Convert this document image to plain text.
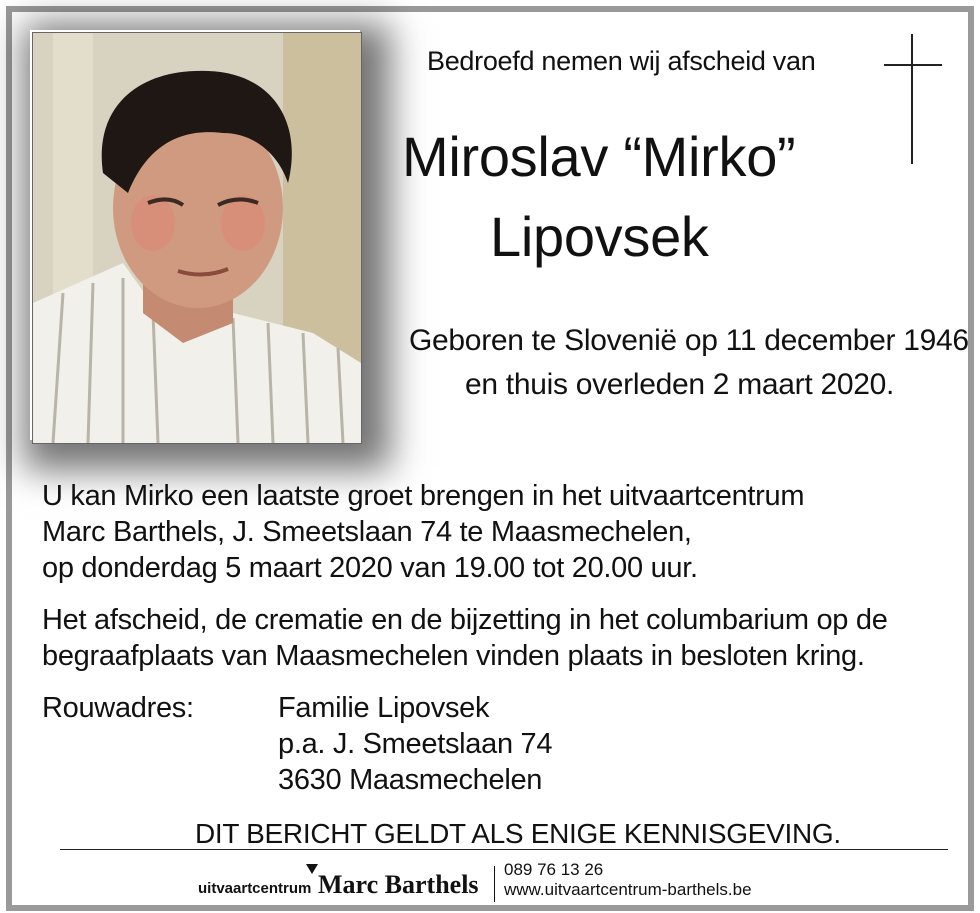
Bedroefd nemen wij afscheid van
Miroslav “Mirko”
Lipovsek
Geboren te Slovenië op 11 december 1946
en thuis overleden 2 maart 2020.
U kan Mirko een laatste groet brengen in het uitvaartcentrum
Marc Barthels, J. Smeetslaan 74 te Maasmechelen,
op donderdag 5 maart 2020 van 19.00 tot 20.00 uur.
Het afscheid, de crematie en de bijzetting in het columbarium op de
begraafplaats van Maasmechelen vinden plaats in besloten kring.
Rouwadres:	Familie Lipovsek
p.a. J. Smeetslaan 74
3630 Maasmechelen
DIT BERICHT GELDT ALS ENIGE KENNISGEVING.
uitvaartcentrum Marc Barthels
089 76 13 26
www.uitvaartcentrum-barthels.be
